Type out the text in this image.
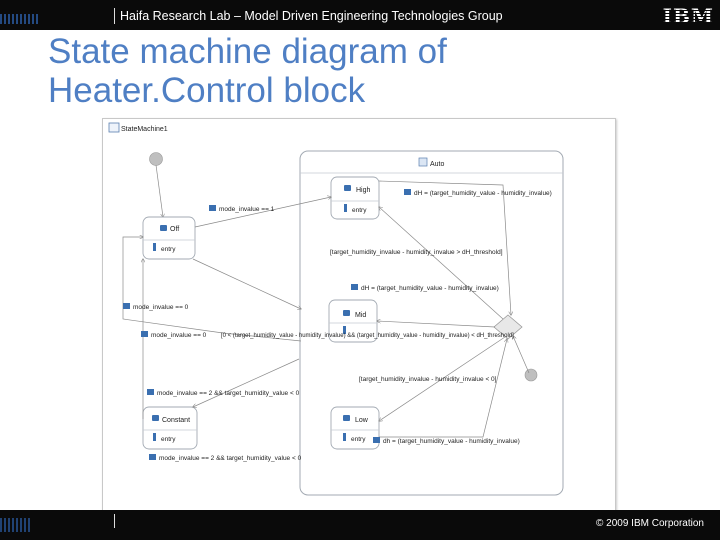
Haifa Research Lab – Model Driven Engineering Technologies Group	IBM
State machine diagram of
Heater.Control block
StateMachine1
Auto
Off
entry
High
entry
Mid
Low
entry
Constant
entry
mode_invalue == 1
dH = (target_humidity_value - humidity_invalue)
[target_humidity_invalue - humidity_invalue > dH_threshold]
dH = (target_humidity_value - humidity_invalue)
mode_invalue == 0
mode_invalue == 0 [0 < (target_humidity_value - humidity_invalue) && (target_humidity_value - humidity_invalue) < dH_threshold]
[target_humidity_invalue - humidity_invalue < 0]
mode_invalue == 2 && target_humidity_value < 0
dh = (target_humidity_value - humidity_invalue)
mode_invalue == 2 && target_humidity_value < 0
© 2009 IBM Corporation
